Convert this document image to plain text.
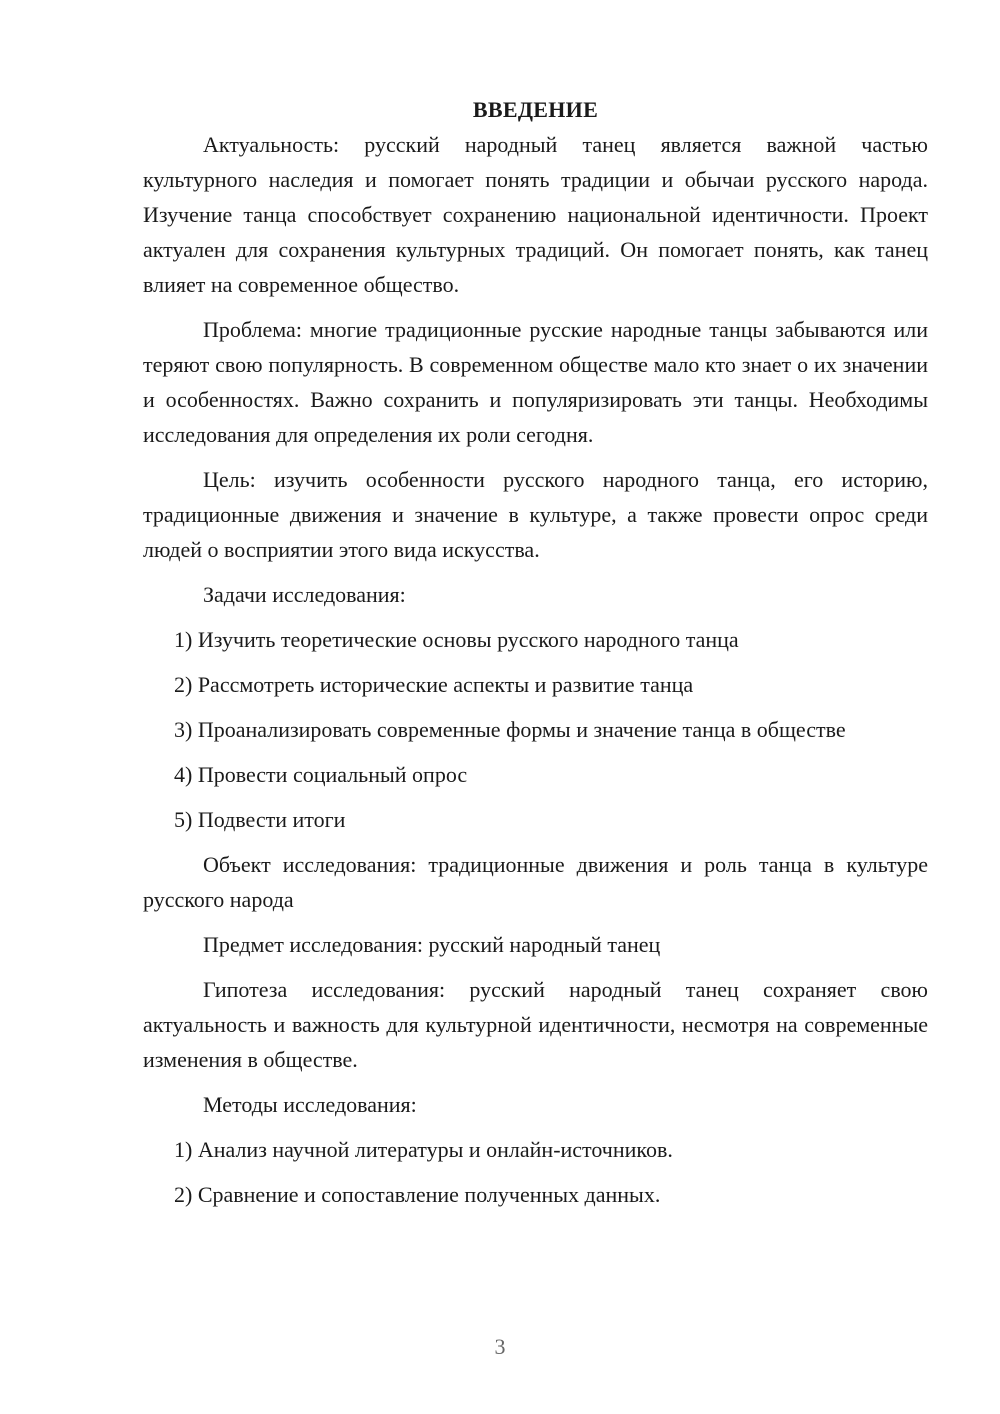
ВВЕДЕНИЕ

Актуальность: русский народный танец является важной частью культурного наследия и помогает понять традиции и обычаи русского народа. Изучение танца способствует сохранению национальной идентичности. Проект актуален для сохранения культурных традиций. Он помогает понять, как танец влияет на современное общество.

Проблема: многие традиционные русские народные танцы забываются или теряют свою популярность. В современном обществе мало кто знает о их значении и особенностях. Важно сохранить и популяризировать эти танцы. Необходимы исследования для определения их роли сегодня.

Цель: изучить особенности русского народного танца, его историю, традиционные движения и значение в культуре, а также провести опрос среди людей о восприятии этого вида искусства.

Задачи исследования:

1) Изучить теоретические основы русского народного танца

2) Рассмотреть исторические аспекты и развитие танца

3) Проанализировать современные формы и значение танца в обществе

4) Провести социальный опрос

5) Подвести итоги

Объект исследования: традиционные движения и роль танца в культуре русского народа

Предмет исследования: русский народный танец

Гипотеза исследования: русский народный танец сохраняет свою актуальность и важность для культурной идентичности, несмотря на современные изменения в обществе.

Методы исследования:

1) Анализ научной литературы и онлайн-источников.

2) Сравнение и сопоставление полученных данных.

3
